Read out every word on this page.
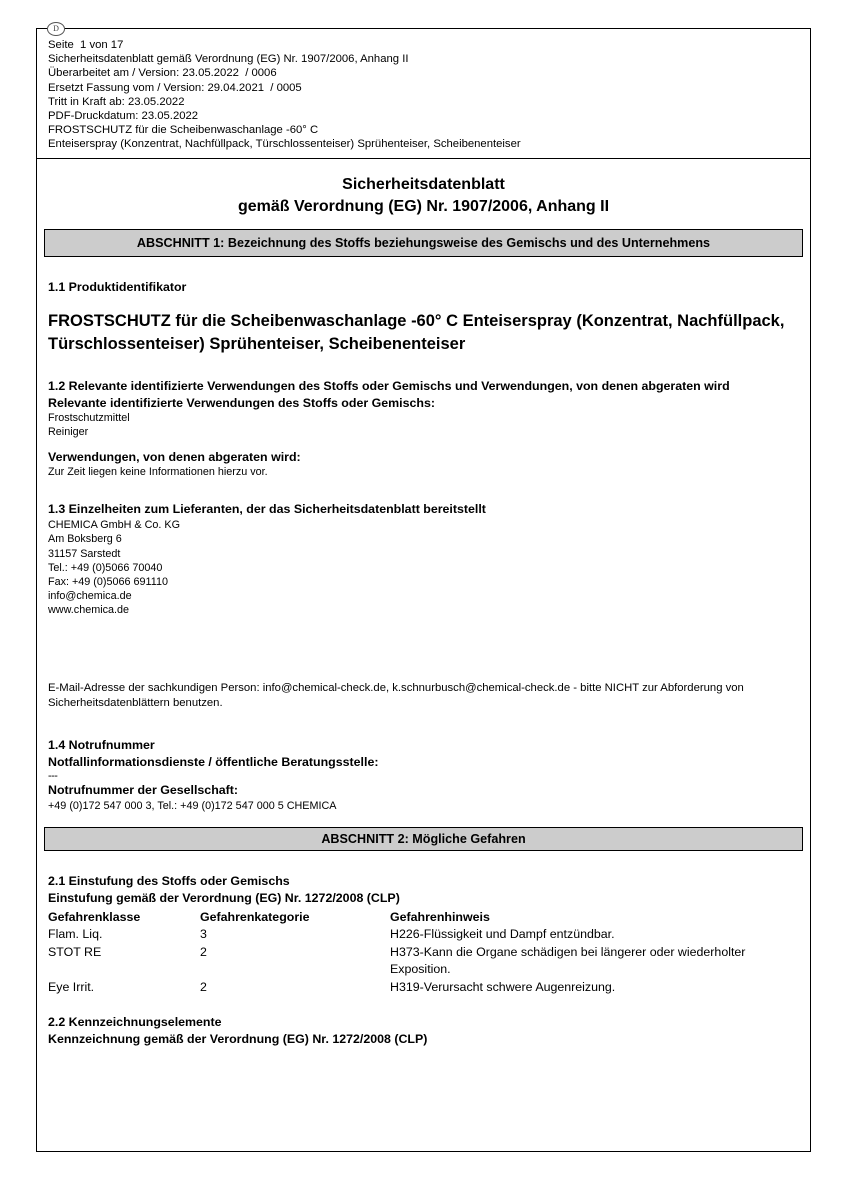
D
Seite  1 von 17
Sicherheitsdatenblatt gemäß Verordnung (EG) Nr. 1907/2006, Anhang II
Überarbeitet am / Version: 23.05.2022  / 0006
Ersetzt Fassung vom / Version: 29.04.2021  / 0005
Tritt in Kraft ab: 23.05.2022
PDF-Druckdatum: 23.05.2022
FROSTSCHUTZ für die Scheibenwaschanlage -60° C
Enteiserspray (Konzentrat, Nachfüllpack, Türschlossenteiser) Sprühenteiser, Scheibenenteiser
Sicherheitsdatenblatt
gemäß Verordnung (EG) Nr. 1907/2006, Anhang II
ABSCHNITT 1: Bezeichnung des Stoffs beziehungsweise des Gemischs und des Unternehmens
1.1 Produktidentifikator
FROSTSCHUTZ für die Scheibenwaschanlage -60° C Enteiserspray (Konzentrat, Nachfüllpack, Türschlossenteiser) Sprühenteiser, Scheibenenteiser
1.2 Relevante identifizierte Verwendungen des Stoffs oder Gemischs und Verwendungen, von denen abgeraten wird
Relevante identifizierte Verwendungen des Stoffs oder Gemischs:
Frostschutzmittel
Reiniger
Verwendungen, von denen abgeraten wird:
Zur Zeit liegen keine Informationen hierzu vor.
1.3 Einzelheiten zum Lieferanten, der das Sicherheitsdatenblatt bereitstellt
CHEMICA GmbH & Co. KG
Am Boksberg 6
31157 Sarstedt
Tel.: +49 (0)5066 70040
Fax: +49 (0)5066 691110
info@chemica.de
www.chemica.de
E-Mail-Adresse der sachkundigen Person: info@chemical-check.de, k.schnurbusch@chemical-check.de - bitte NICHT zur Abforderung von Sicherheitsdatenblättern benutzen.
1.4 Notrufnummer
Notfallinformationsdienste / öffentliche Beratungsstelle:
---
Notrufnummer der Gesellschaft:
+49 (0)172 547 000 3, Tel.: +49 (0)172 547 000 5 CHEMICA
ABSCHNITT 2: Mögliche Gefahren
2.1 Einstufung des Stoffs oder Gemischs
Einstufung gemäß der Verordnung (EG) Nr. 1272/2008 (CLP)
Gefahrenklasse	Gefahrenkategorie	Gefahrenhinweis
Flam. Liq.	3	H226-Flüssigkeit und Dampf entzündbar.
STOT RE	2	H373-Kann die Organe schädigen bei längerer oder wiederholter Exposition.
Eye Irrit.	2	H319-Verursacht schwere Augenreizung.
2.2 Kennzeichnungselemente
Kennzeichnung gemäß der Verordnung (EG) Nr. 1272/2008 (CLP)
